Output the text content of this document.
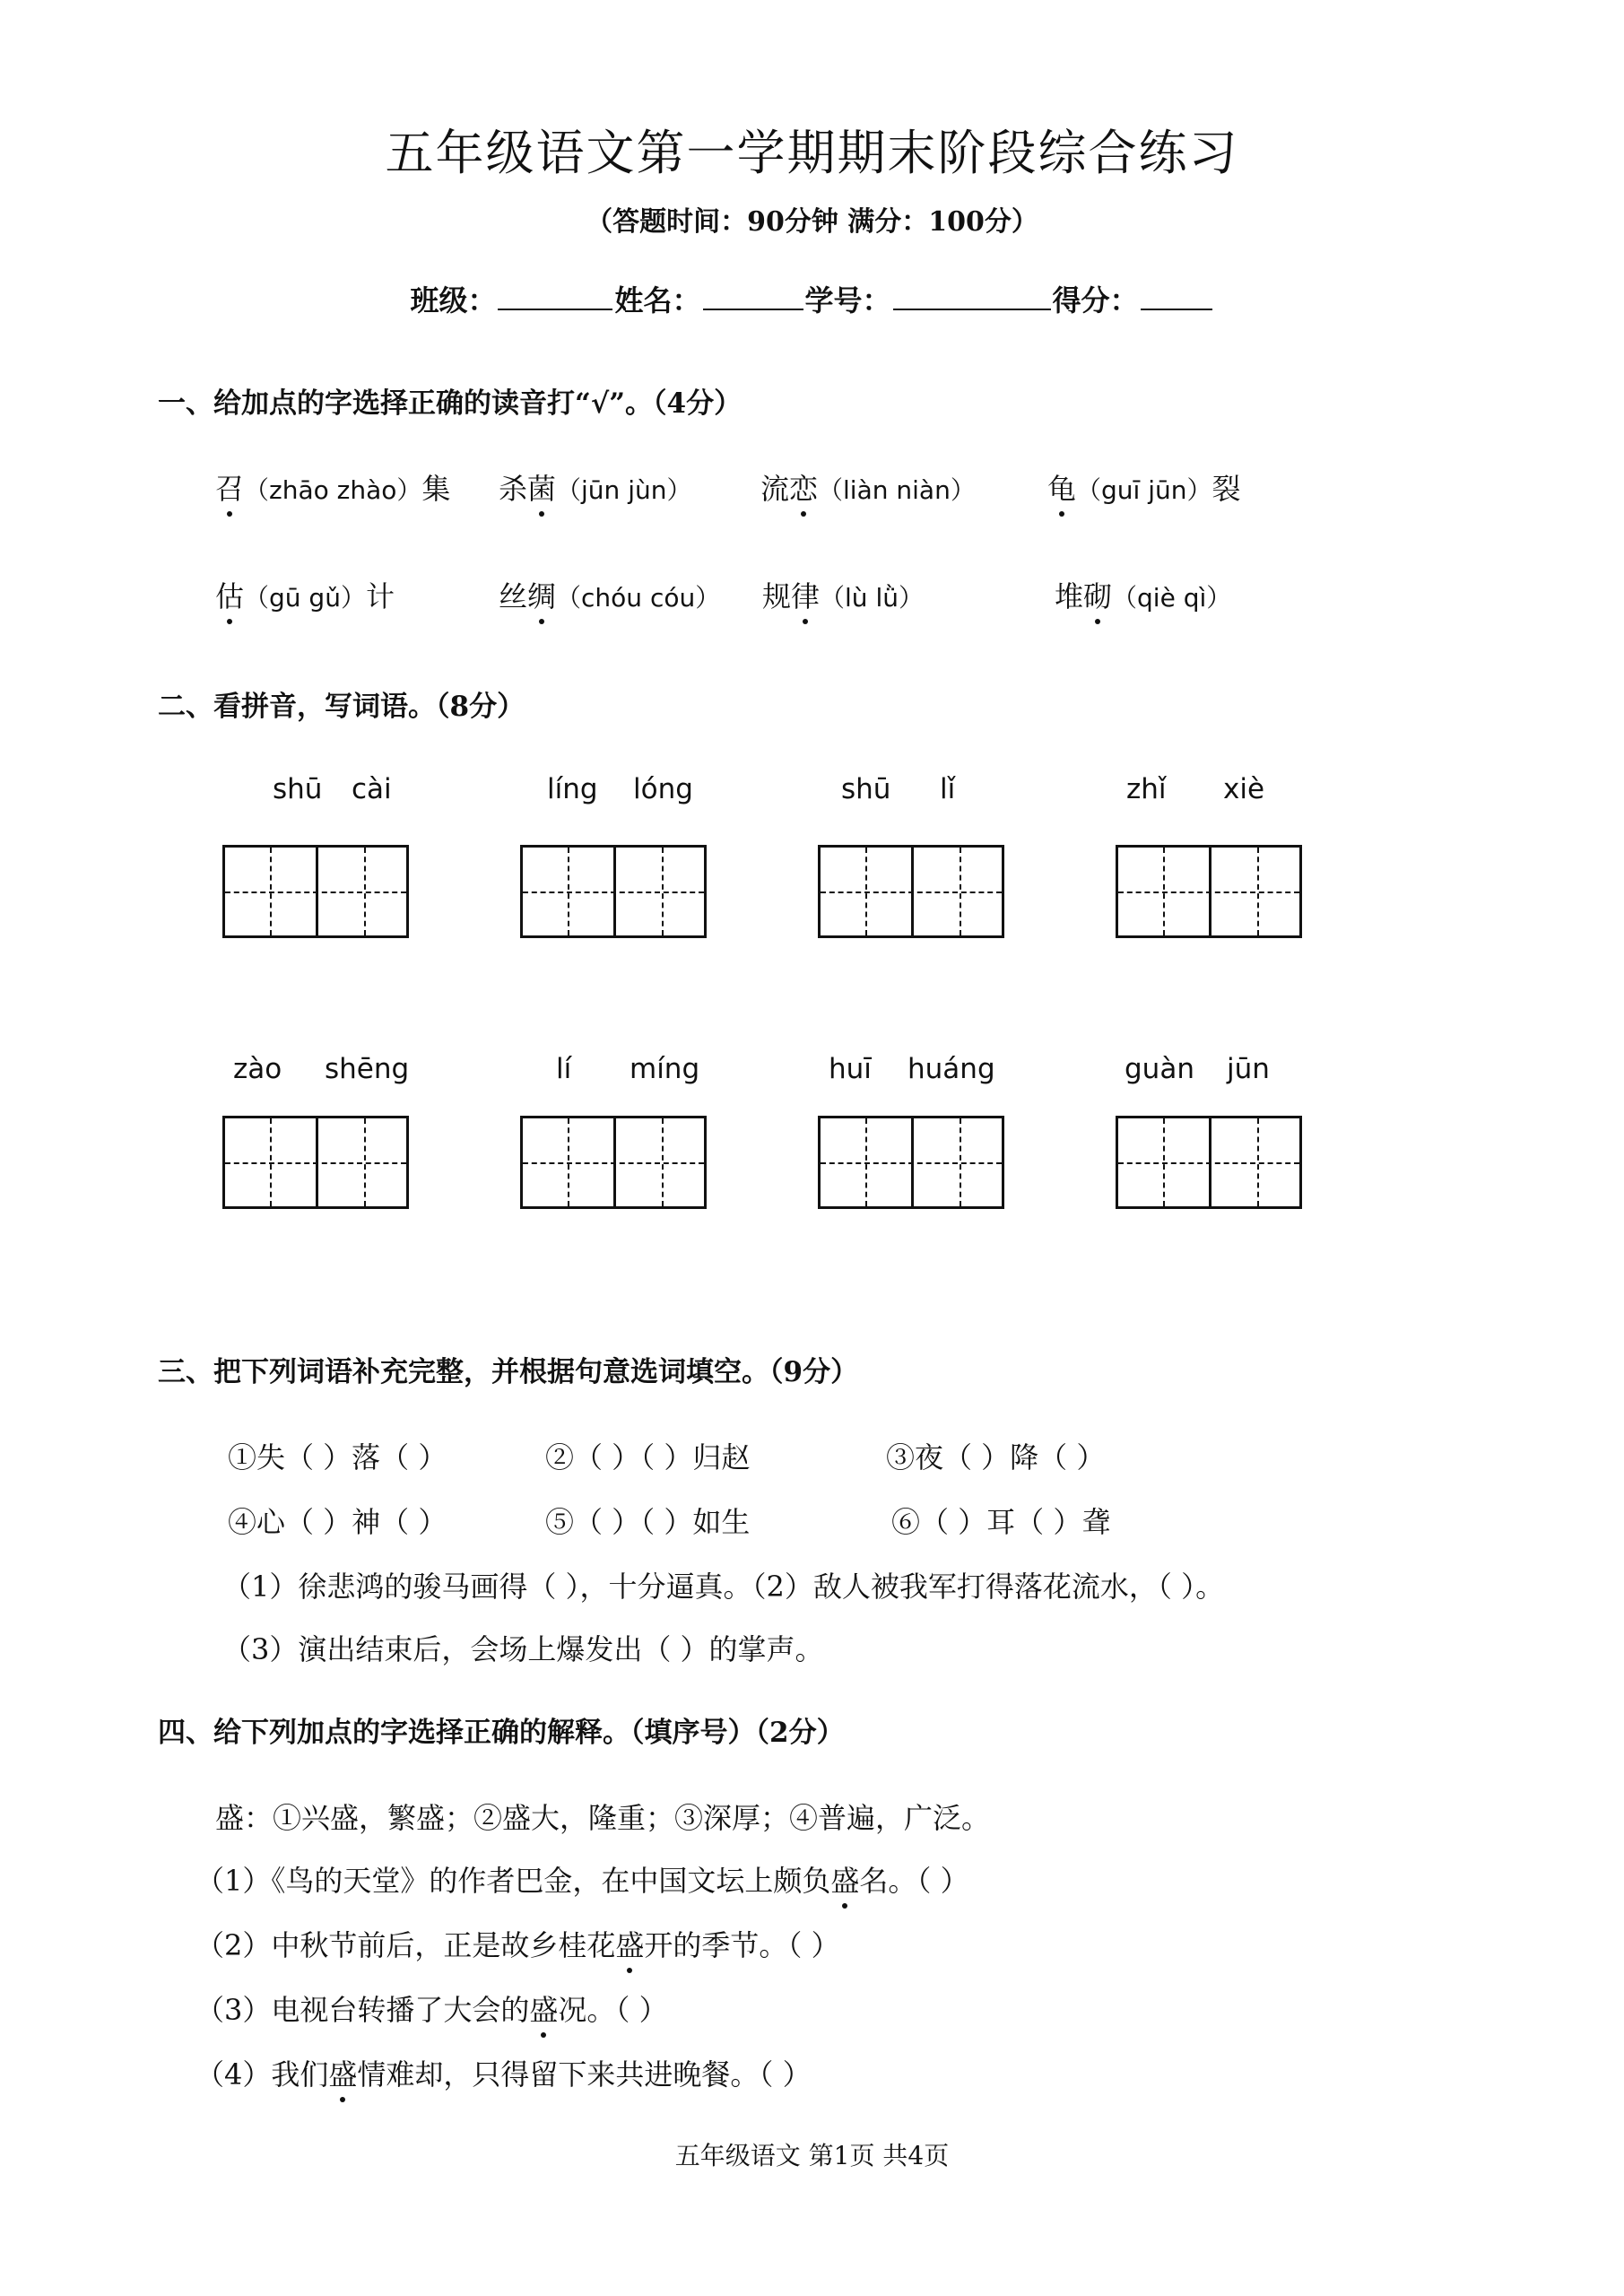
五年级语文第一学期期末阶段综合练习
（答题时间：90分钟 满分：100分）
班级：	姓名：	学号：	得分：
一、给加点的字选择正确的读音打“√”。（4分）
召（zhāo zhào）集 杀菌（jūn jùn） 流恋（liàn niàn）	龟（guī jūn）裂
估（gū gǔ）计	丝绸（chóu cóu） 规律（lù lǜ）	堆砌（qiè qì）
二、看拼音，写词语。（8分）
shū cài	líng lóng	shū lǐ	zhǐ xiè
zào shēng	lí míng	huī huáng	guàn jūn
三、把下列词语补充完整，并根据句意选词填空。（9分）
①失（ ）落（ ）	②（ ）（ ）归赵	③夜（ ）降（ ）
④心（ ）神（ ）	⑤（ ）（ ）如生	⑥（ ）耳（ ）聋
（1）徐悲鸿的骏马画得（ ），十分逼真。（2）敌人被我军打得落花流水，（ ）。
（3）演出结束后，会场上爆发出（ ）的掌声。
四、给下列加点的字选择正确的解释。（填序号）（2分）
盛：①兴盛，繁盛；②盛大，隆重；③深厚；④普遍，广泛。
（1）《鸟的天堂》的作者巴金，在中国文坛上颇负盛名。（ ）
（2）中秋节前后，正是故乡桂花盛开的季节。（ ）
（3）电视台转播了大会的盛况。（ ）
（4）我们盛情难却，只得留下来共进晚餐。（ ）
五年级语文 第1页 共4页
